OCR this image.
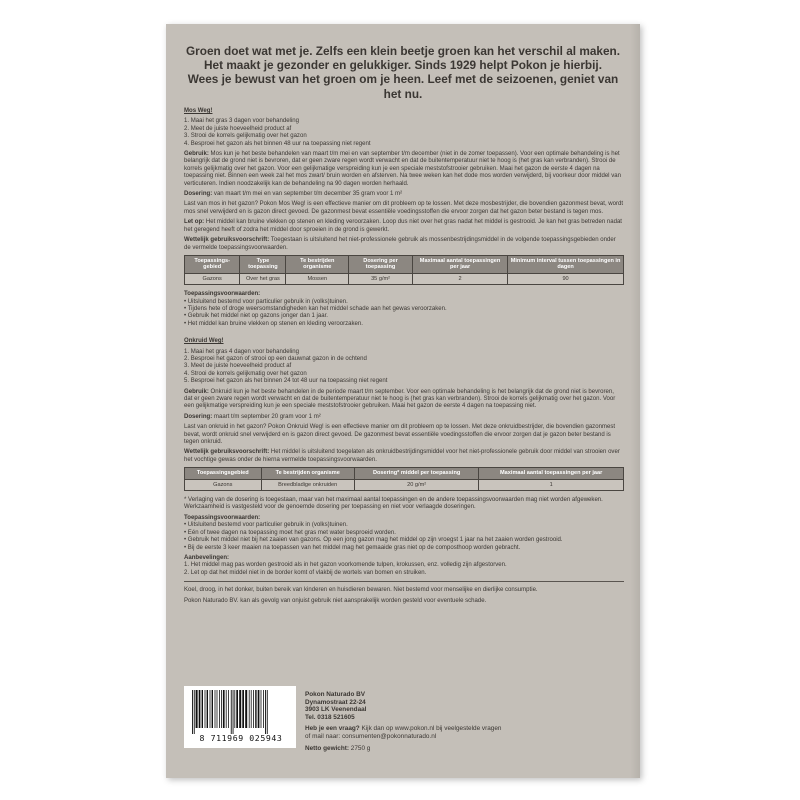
Groen doet wat met je. Zelfs een klein beetje groen kan het verschil al maken.
Het maakt je gezonder en gelukkiger. Sinds 1929 helpt Pokon je hierbij.
Wees je bewust van het groen om je heen. Leef met de seizoenen, geniet van het nu.
Mos Weg!
1. Maai het gras 3 dagen voor behandeling
2. Meet de juiste hoeveelheid product af
3. Strooi de korrels gelijkmatig over het gazon
4. Besproei het gazon als het binnen 48 uur na toepassing niet regent

Gebruik: Mos kun je het beste behandelen van maart t/m mei en van september t/m december (niet in de zomer toepassen). Voor een optimale behandeling is het belangrijk dat de grond niet is bevroren, dat er geen zware regen wordt verwacht en dat de buitentemperatuur niet te hoog is (het gras kan verbranden). Strooi de korrels gelijkmatig over het gazon. Voor een gelijkmatige verspreiding kun je een speciale meststofstrooier gebruiken. Maai het gazon de eerste 4 dagen na toepassing niet. Binnen een week zal het mos zwart/ bruin worden en afsterven. Na twee weken kan het dode mos worden verwijderd, bij voorkeur door middel van verticuteren. Indien noodzakelijk kan de behandeling na 90 dagen worden herhaald.

Dosering: van maart t/m mei en van september t/m december 35 gram voor 1 m²

Last van mos in het gazon? Pokon Mos Weg! is een effectieve manier om dit probleem op te lossen. Met deze mosbestrijder, die bovendien gazonmest bevat, wordt mos snel verwijderd en is gazon direct gevoed. De gazonmest bevat essentiële voedingsstoffen die ervoor zorgen dat het gazon beter bestand is tegen mos.

Let op: Het middel kan bruine vlekken op stenen en kleding veroorzaken. Loop dus niet over het gras nadat het middel is gestrooid. Je kan het gras betreden nadat het geregend heeft of zodra het middel door sproeien in de grond is gewerkt.

Wettelijk gebruiksvoorschrift: Toegestaan is uitsluitend het niet-professionele gebruik als mossenbestrijdingsmiddel in de volgende toepassingsgebieden onder de vermelde toepassingsvoorwaarden.

Toepassings-gebied	Type toepassing	Te bestrijden organisme	Dosering per toepassing	Maximaal aantal toepassingen per jaar	Minimum interval tussen toepassingen in dagen
Gazons	Over het gras	Mossen	35 g/m²	2	90
Toepassingsvoorwaarden:
• Uitsluitend bestemd voor particulier gebruik in (volks)tuinen.
• Tijdens hete of droge weersomstandigheden kan het middel schade aan het gewas veroorzaken.
• Gebruik het middel niet op gazons jonger dan 1 jaar.
• Het middel kan bruine vlekken op stenen en kleding veroorzaken.
Onkruid Weg!
1. Maai het gras 4 dagen voor behandeling
2. Besproei het gazon of strooi op een dauwnat gazon in de ochtend
3. Meet de juiste hoeveelheid product af
4. Strooi de korrels gelijkmatig over het gazon
5. Besproei het gazon als het binnen 24 tot 48 uur na toepassing niet regent

Gebruik: Onkruid kun je het beste behandelen in de periode maart t/m september. Voor een optimale behandeling is het belangrijk dat de grond niet is bevroren, dat er geen zware regen wordt verwacht en dat de buitentemperatuur niet te hoog is (het gras kan verbranden). Strooi de korrels gelijkmatig over het gazon. Voor een gelijkmatige verspreiding kun je een speciale meststofstrooier gebruiken. Maai het gazon de eerste 4 dagen na toepassing niet.

Dosering: maart t/m september 20 gram voor 1 m²

Last van onkruid in het gazon? Pokon Onkruid Weg! is een effectieve manier om dit probleem op te lossen. Met deze onkruidbestrijder, die bovendien gazonmest bevat, wordt onkruid snel verwijderd en is gazon direct gevoed. De gazonmest bevat essentiële voedingsstoffen die ervoor zorgen dat je gazon beter bestand is tegen onkruid.

Wettelijk gebruiksvoorschrift: Het middel is uitsluitend toegelaten als onkruidbestrijdingsmiddel voor het niet-professionele gebruik door middel van strooien over het vochtige gewas onder de hierna vermelde toepassingsvoorwaarden.

Toepassingsgebied	Te bestrijden organisme	Dosering* middel per toepassing	Maximaal aantal toepassingen per jaar
Gazons	Breedbladige onkruiden	20 g/m²	1

* Verlaging van de dosering is toegestaan, maar van het maximaal aantal toepassingen en de andere toepassingsvoorwaarden mag niet worden afgeweken. Werkzaamheid is vastgesteld voor de genoemde dosering per toepassing en niet voor verlaagde doseringen.

Toepassingsvoorwaarden:
• Uitsluitend bestemd voor particulier gebruik in (volks)tuinen.
• Eén of twee dagen na toepassing moet het gras met water besproeid worden.
• Gebruik het middel niet bij het zaaien van gazons. Op een jong gazon mag het middel op zijn vroegst 1 jaar na het zaaien worden gestrooid.
• Bij de eerste 3 keer maaien na toepassen van het middel mag het gemaaide gras niet op de composthoop worden gebracht.
Aanbevelingen:
1. Het middel mag pas worden gestrooid als in het gazon voorkomende tulpen, krokussen, enz. volledig zijn afgestorven.
2. Let op dat het middel niet in de border komt of vlakbij de wortels van bomen en struiken.

Koel, droog, in het donker, buiten bereik van kinderen en huisdieren bewaren. Niet bestemd voor menselijke en dierlijke consumptie.

Pokon Naturado BV. kan als gevolg van onjuist gebruik niet aansprakelijk worden gesteld voor eventuele schade.

8 711969 025943
Pokon Naturado BV
Dynamostraat 22-24
3903 LK Veenendaal
Tel. 0318 521605
Heb je een vraag? Kijk dan op www.pokon.nl bij veelgestelde vragen
of mail naar: consumenten@pokonnaturado.nl
Netto gewicht: 2750 g
